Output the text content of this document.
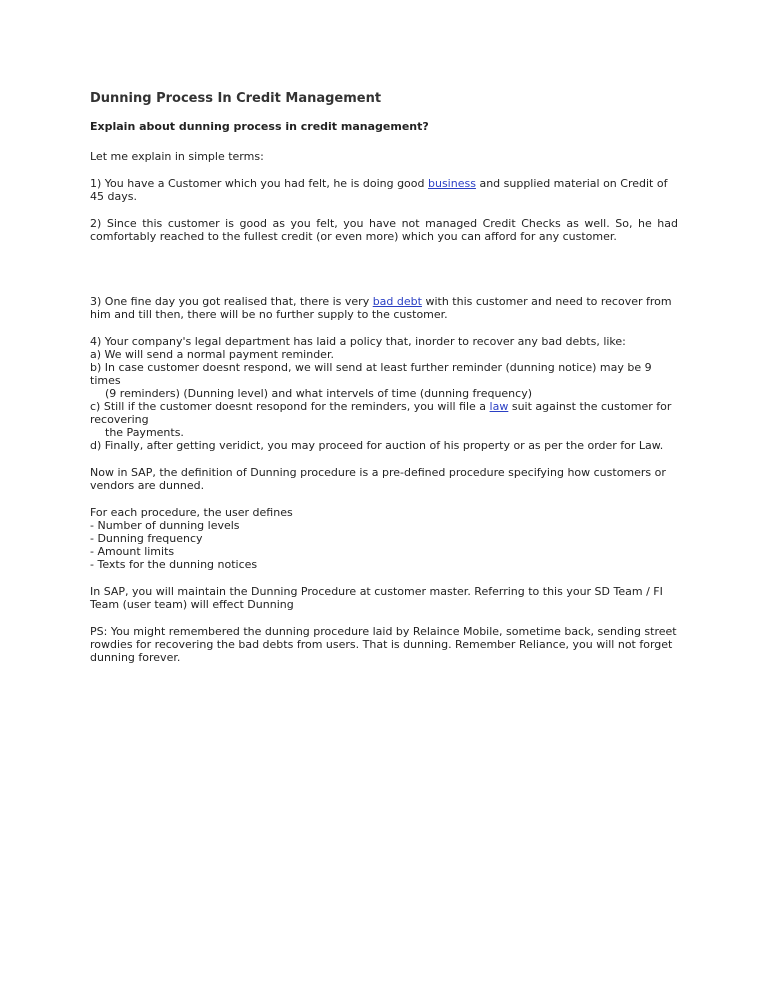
Dunning Process In Credit Management
Explain about dunning process in credit management?
Let me explain in simple terms:
1) You have a Customer which you had felt, he is doing good business and supplied material on Credit of 45 days.
2) Since this customer is good as you felt, you have not managed Credit Checks as well. So, he had comfortably reached to the fullest credit (or even more) which you can afford for any customer.
3) One fine day you got realised that, there is very bad debt with this customer and need to recover from him and till then, there will be no further supply to the customer.
4) Your company's legal department has laid a policy that, inorder to recover any bad debts, like:
a) We will send a normal payment reminder.
b) In case customer doesnt respond, we will send at least further reminder (dunning notice) may be 9 times
(9 reminders) (Dunning level) and what intervels of time (dunning frequency)
c) Still if the customer doesnt resopond for the reminders, you will file a law suit against the customer for recovering
the Payments.
d) Finally, after getting veridict, you may proceed for auction of his property or as per the order for Law.
Now in SAP, the definition of Dunning procedure is a pre-defined procedure specifying how customers or vendors are dunned.
For each procedure, the user defines
- Number of dunning levels
- Dunning frequency
- Amount limits
- Texts for the dunning notices
In SAP, you will maintain the Dunning Procedure at customer master. Referring to this your SD Team / FI Team (user team) will effect Dunning
PS: You might remembered the dunning procedure laid by Relaince Mobile, sometime back, sending street rowdies for recovering the bad debts from users. That is dunning. Remember Reliance, you will not forget dunning forever.
